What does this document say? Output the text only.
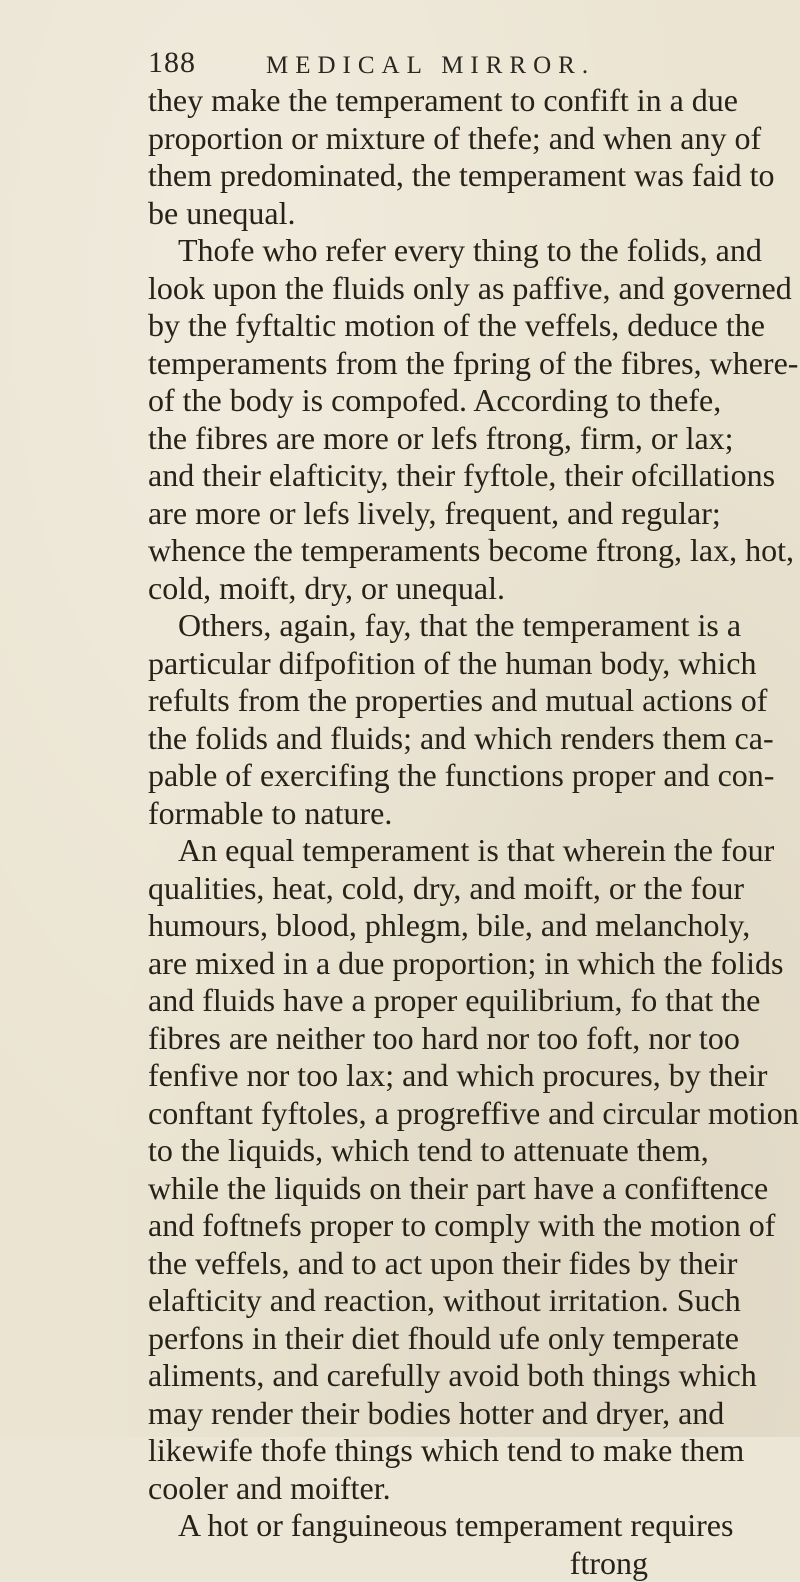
188	MEDICAL MIRROR.
they make the temperament to confift in a due
proportion or mixture of thefe; and when any of
them predominated, the temperament was faid to
be unequal.
Thofe who refer every thing to the folids, and
look upon the fluids only as paffive, and governed
by the fyftaltic motion of the veffels, deduce the
temperaments from the fpring of the fibres, where-
of the body is compofed. According to thefe,
the fibres are more or lefs ftrong, firm, or lax;
and their elafticity, their fyftole, their ofcillations
are more or lefs lively, frequent, and regular;
whence the temperaments become ftrong, lax, hot,
cold, moift, dry, or unequal.
Others, again, fay, that the temperament is a
particular difpofition of the human body, which
refults from the properties and mutual actions of
the folids and fluids; and which renders them ca-
pable of exercifing the functions proper and con-
formable to nature.
An equal temperament is that wherein the four
qualities, heat, cold, dry, and moift, or the four
humours, blood, phlegm, bile, and melancholy,
are mixed in a due proportion; in which the folids
and fluids have a proper equilibrium, fo that the
fibres are neither too hard nor too foft, nor too
fenfive nor too lax; and which procures, by their
conftant fyftoles, a progreffive and circular motion
to the liquids, which tend to attenuate them,
while the liquids on their part have a confiftence
and foftnefs proper to comply with the motion of
the veffels, and to act upon their fides by their
elafticity and reaction, without irritation. Such
perfons in their diet fhould ufe only temperate
aliments, and carefully avoid both things which
may render their bodies hotter and dryer, and
likewife thofe things which tend to make them
cooler and moifter.
A hot or fanguineous temperament requires
ftrong
